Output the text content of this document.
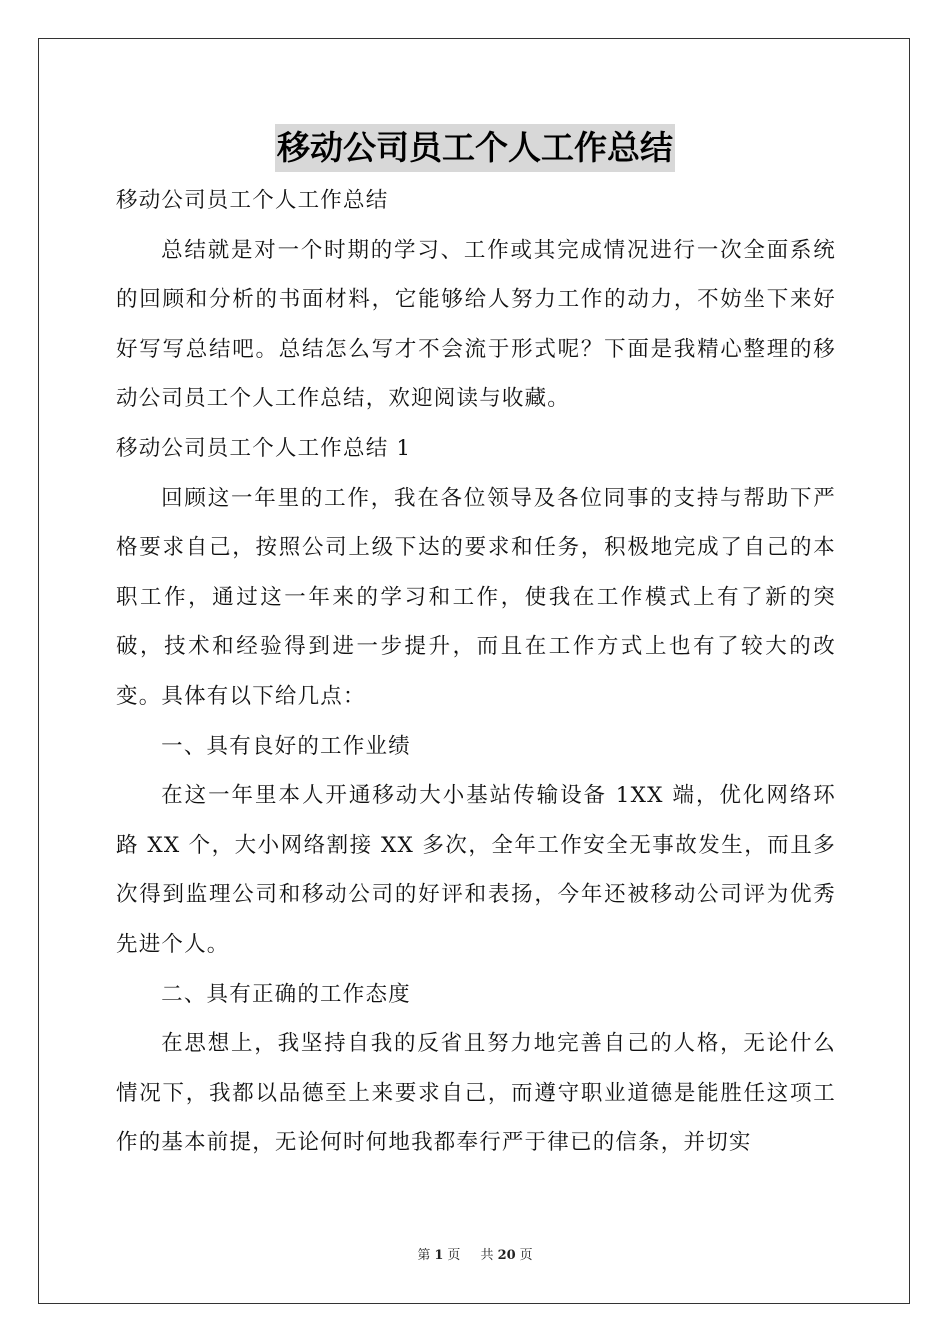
移动公司员工个人工作总结

移动公司员工个人工作总结

总结就是对一个时期的学习、工作或其完成情况进行一次全面系统的回顾和分析的书面材料，它能够给人努力工作的动力，不妨坐下来好好写写总结吧。总结怎么写才不会流于形式呢？下面是我精心整理的移动公司员工个人工作总结，欢迎阅读与收藏。

移动公司员工个人工作总结 1

回顾这一年里的工作，我在各位领导及各位同事的支持与帮助下严格要求自己，按照公司上级下达的要求和任务，积极地完成了自己的本职工作，通过这一年来的学习和工作，使我在工作模式上有了新的突破，技术和经验得到进一步提升，而且在工作方式上也有了较大的改变。具体有以下给几点：

一、具有良好的工作业绩

在这一年里本人开通移动大小基站传输设备 1XX 端，优化网络环路 XX 个，大小网络割接 XX 多次，全年工作安全无事故发生，而且多次得到监理公司和移动公司的好评和表扬，今年还被移动公司评为优秀先进个人。

二、具有正确的工作态度

在思想上，我坚持自我的反省且努力地完善自己的人格，无论什么情况下，我都以品德至上来要求自己，而遵守职业道德是能胜任这项工作的基本前提，无论何时何地我都奉行严于律已的信条，并切实

第 1 页 共 20 页
